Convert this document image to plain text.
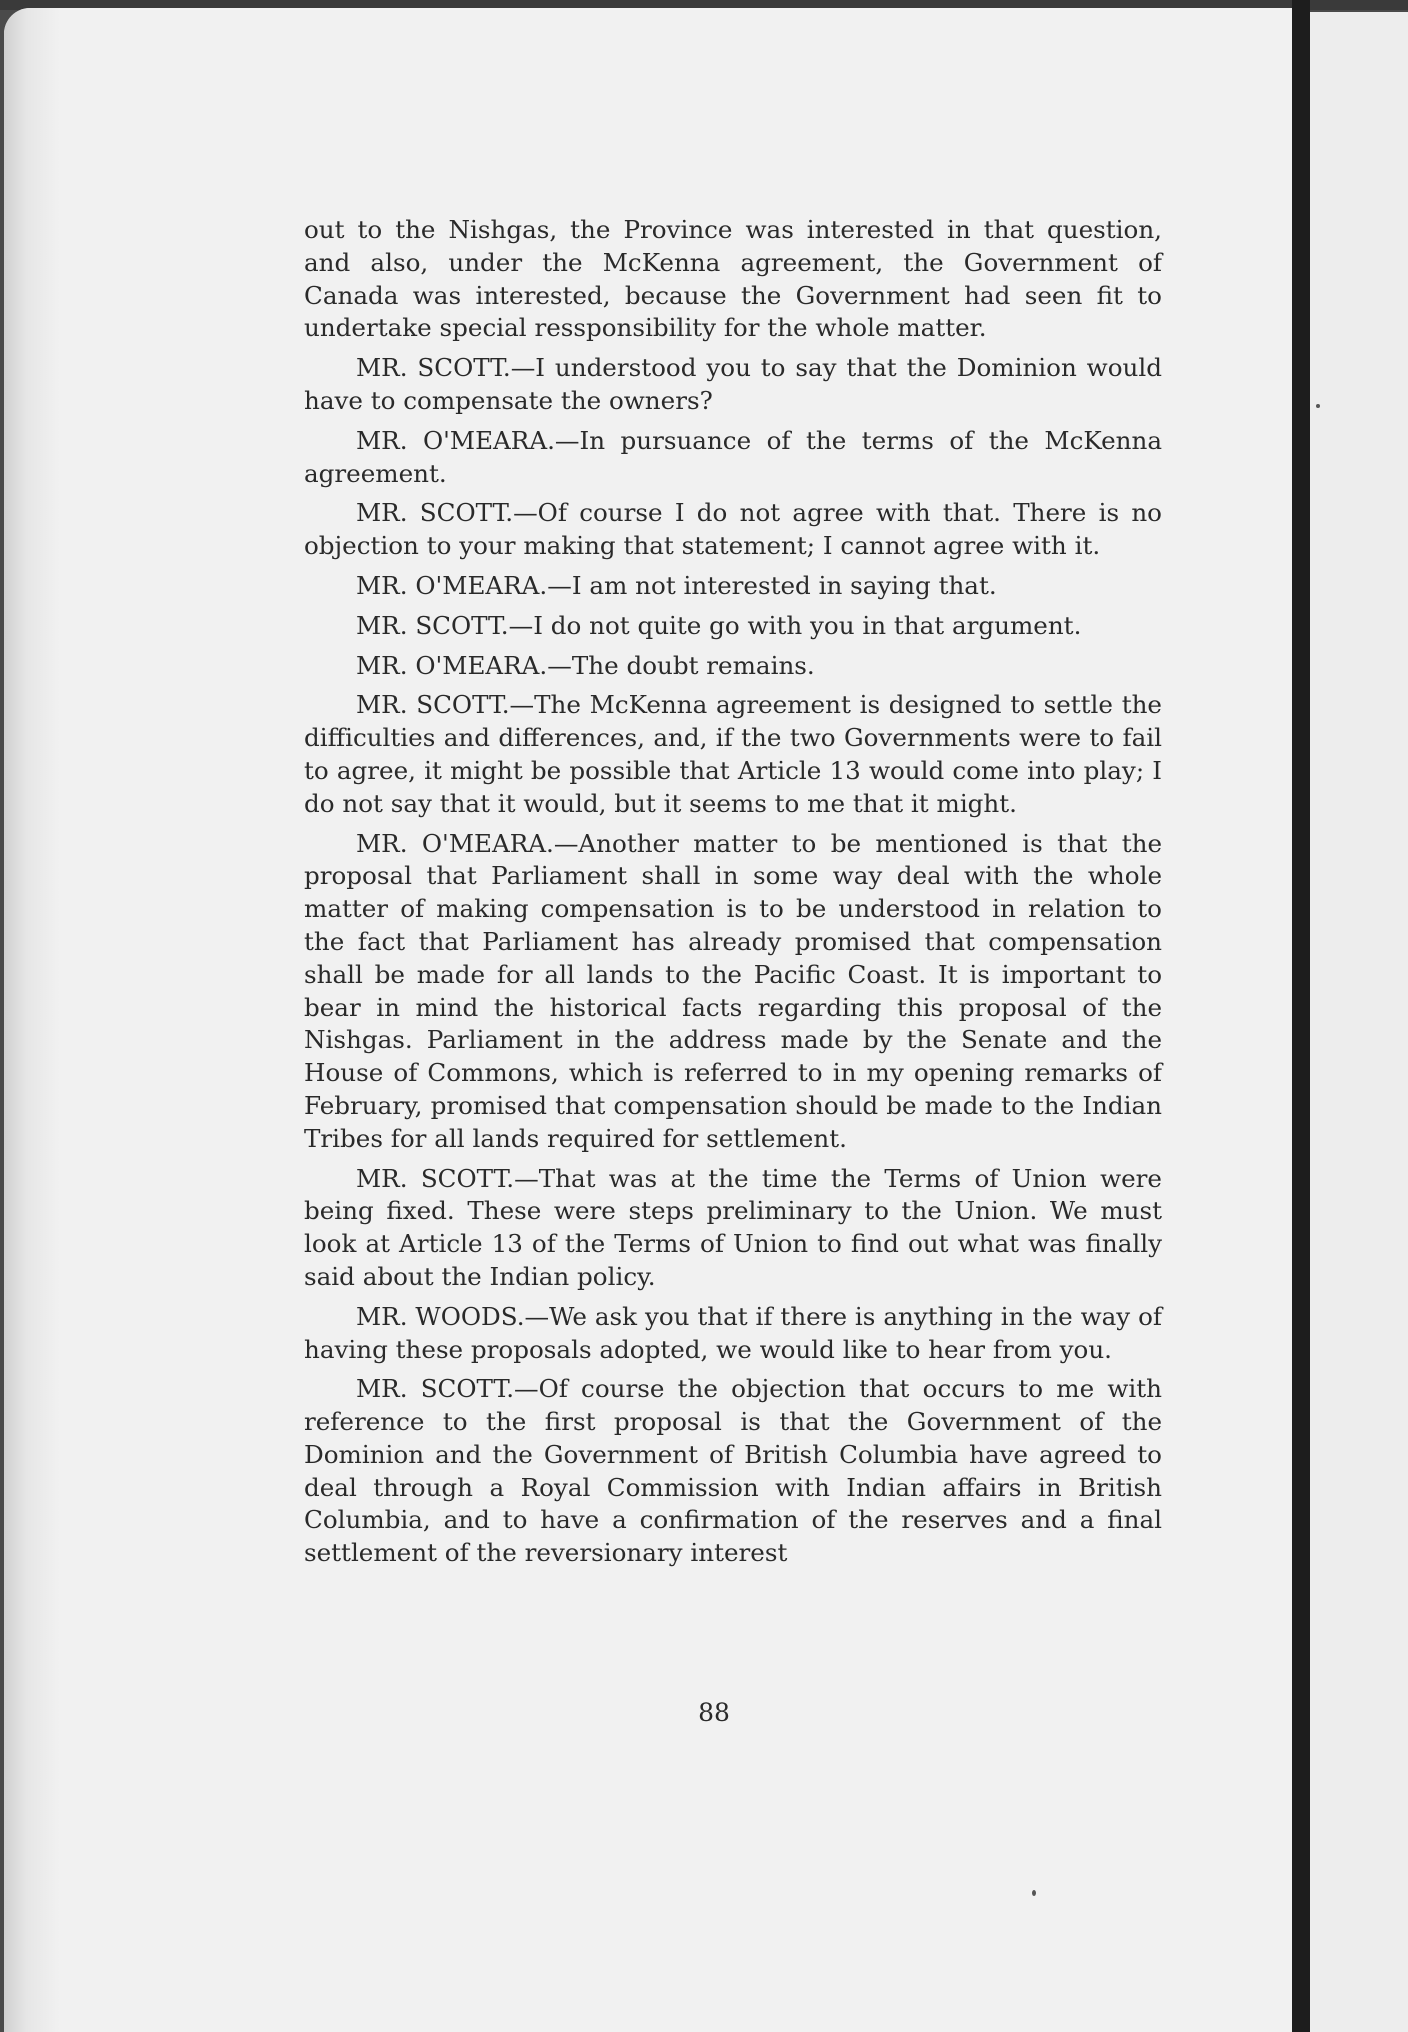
out to the Nishgas, the Province was interested in that question, and also, under the McKenna agreement, the Government of Canada was interested, because the Government had seen fit to undertake special ressponsibility for the whole matter.

MR. SCOTT.—I understood you to say that the Dominion would have to compensate the owners?

MR. O'MEARA.—In pursuance of the terms of the McKenna agreement.

MR. SCOTT.—Of course I do not agree with that. There is no objection to your making that statement; I cannot agree with it.

MR. O'MEARA.—I am not interested in saying that.

MR. SCOTT.—I do not quite go with you in that argument.

MR. O'MEARA.—The doubt remains.

MR. SCOTT.—The McKenna agreement is designed to settle the difficulties and differences, and, if the two Governments were to fail to agree, it might be possible that Article 13 would come into play; I do not say that it would, but it seems to me that it might.

MR. O'MEARA.—Another matter to be mentioned is that the proposal that Parliament shall in some way deal with the whole matter of making compensation is to be understood in relation to the fact that Parliament has already promised that compensation shall be made for all lands to the Pacific Coast. It is important to bear in mind the historical facts regarding this proposal of the Nishgas. Parliament in the address made by the Senate and the House of Commons, which is referred to in my opening remarks of February, promised that compensation should be made to the Indian Tribes for all lands required for settlement.

MR. SCOTT.—That was at the time the Terms of Union were being fixed. These were steps preliminary to the Union. We must look at Article 13 of the Terms of Union to find out what was finally said about the Indian policy.

MR. WOODS.—We ask you that if there is anything in the way of having these proposals adopted, we would like to hear from you.

MR. SCOTT.—Of course the objection that occurs to me with reference to the first proposal is that the Government of the Dominion and the Government of British Columbia have agreed to deal through a Royal Commission with Indian affairs in British Columbia, and to have a confirmation of the reserves and a final settlement of the reversionary interest

88
